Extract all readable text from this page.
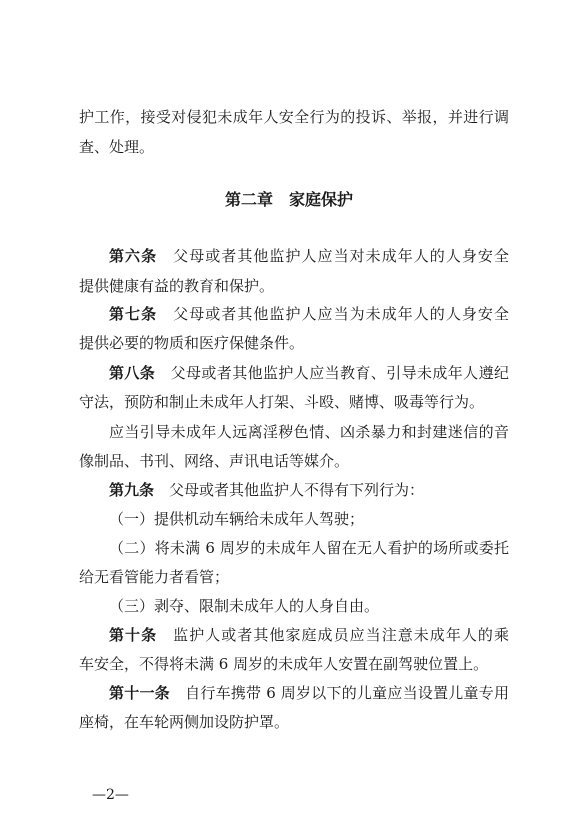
护工作，接受对侵犯未成年人安全行为的投诉、举报，并进行调
查、处理。
第二章　家庭保护
第六条　 父母或者其他监护人应当对未成年人的人身安全
提供健康有益的教育和保护。
第七条　 父母或者其他监护人应当为未成年人的人身安全
提供必要的物质和医疗保健条件。
第八条　 父母或者其他监护人应当教育、引导未成年人遵纪
守法，预防和制止未成年人打架、斗殴、赌博、吸毒等行为。
应当引导未成年人远离淫秽色情、凶杀暴力和封建迷信的音
像制品、书刊、网络、声讯电话等媒介。
第九条　 父母或者其他监护人不得有下列行为：
（一）提供机动车辆给未成年人驾驶；
（二）将未满 6 周岁的未成年人留在无人看护的场所或委托
给无看管能力者看管；
（三）剥夺、限制未成年人的人身自由。
第十条　 监护人或者其他家庭成员应当注意未成年人的乘
车安全，不得将未满 6 周岁的未成年人安置在副驾驶位置上。
第十一条　 自行车携带 6 周岁以下的儿童应当设置儿童专用
座椅，在车轮两侧加设防护罩。
—2—
